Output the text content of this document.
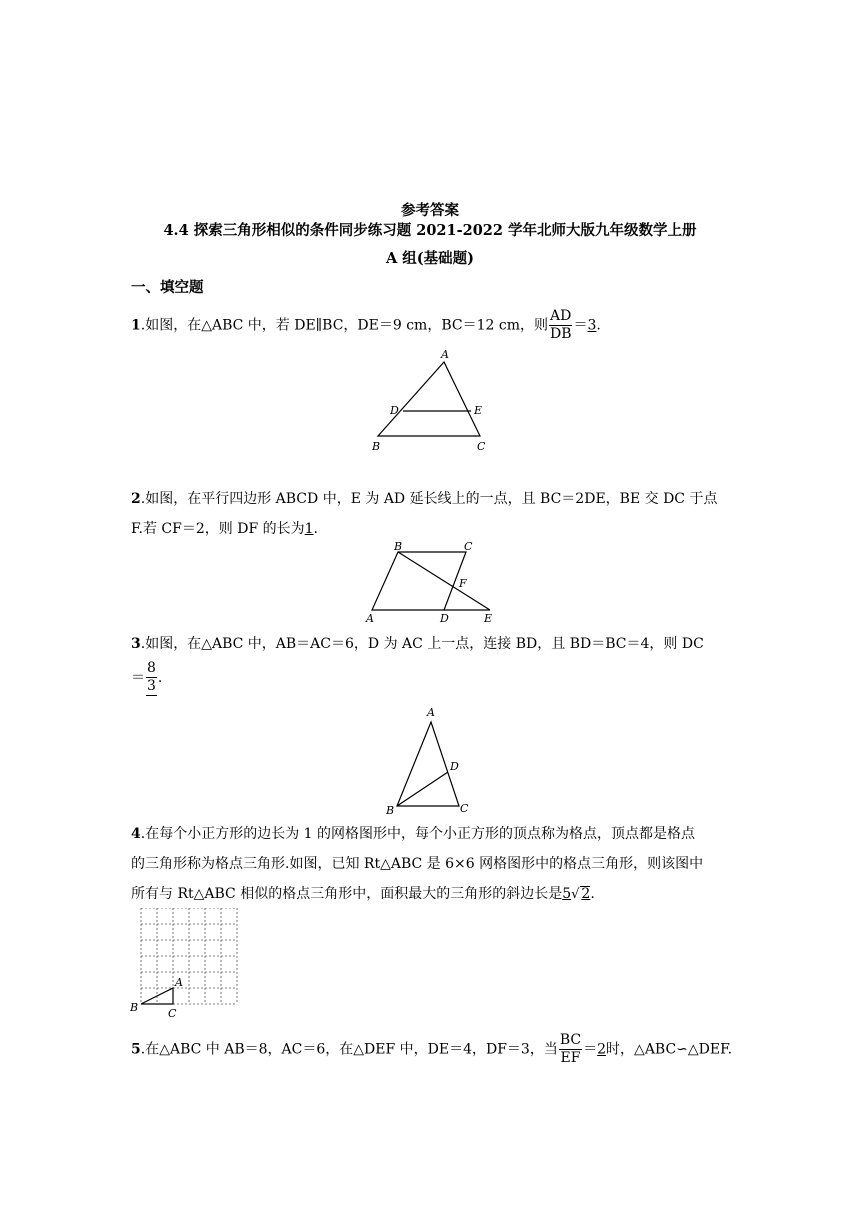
参考答案
4.4 探索三角形相似的条件同步练习题 2021-2022 学年北师大版九年级数学上册
A 组(基础题)
一、填空题
1.如图，在△ABC 中，若 DE∥BC，DE＝9 cm，BC＝12 cm，则 $\frac{AD}{DB} =3$.
A
B	C
D	E
2.如图，在平行四边形 ABCD 中，E 为 AD 延长线上的一点，且 BC＝2DE，BE 交 DC 于点
F.若 CF＝2，则 DF 的长为1.
B	C
F
A	D	E
3.如图，在△ABC 中，AB＝AC＝6，D 为 AC 上一点，连接 BD，且 BD＝BC＝4，则 DC
＝ $\frac{8}{3}$ .
A
D
B	C
4.在每个小正方形的边长为 1 的网格图形中，每个小正方形的顶点称为格点，顶点都是格点
的三角形称为格点三角形.如图，已知 Rt△ABC 是 6×6 网格图形中的格点三角形，则该图中
所有与 Rt△ABC 相似的格点三角形中，面积最大的三角形的斜边长是5√ 2.
A
B	C
5.在△ABC 中 AB＝8，AC＝6，在△DEF 中，DE＝4，DF＝3，当 $\frac{BC}{EF} =2$时，△ABC∽△DEF.
